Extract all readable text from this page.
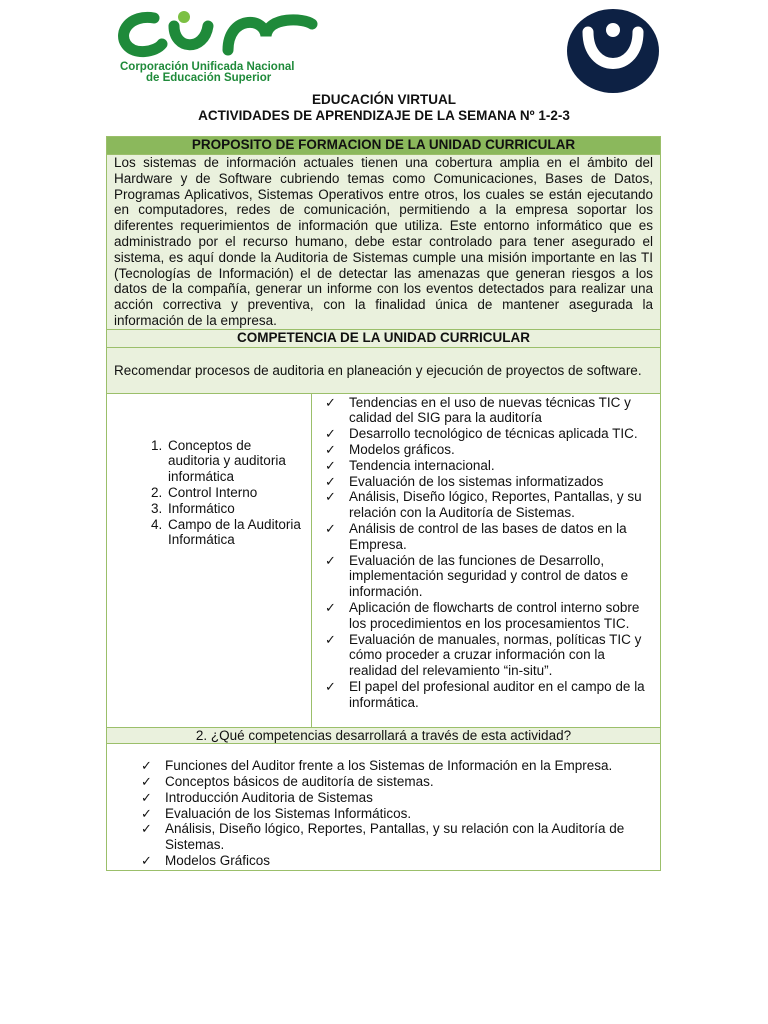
Corporación Unificada Nacional
de Educación Superior
EDUCACIÓN VIRTUAL
ACTIVIDADES DE APRENDIZAJE DE LA SEMANA Nº 1-2-3
PROPOSITO DE FORMACION DE LA UNIDAD CURRICULAR
Los sistemas de información actuales tienen una cobertura amplia en el ámbito del Hardware y de Software cubriendo temas como Comunicaciones, Bases de Datos, Programas Aplicativos, Sistemas Operativos entre otros, los cuales se están ejecutando en computadores, redes de comunicación, permitiendo a la empresa soportar los diferentes requerimientos de información que utiliza. Este entorno informático que es administrado por el recurso humano, debe estar controlado para tener asegurado el sistema, es aquí donde la Auditoria de Sistemas cumple una misión importante en las TI (Tecnologías de Información) el de detectar las amenazas que generan riesgos a los datos de la compañía, generar un informe con los eventos detectados para realizar una acción correctiva y preventiva, con la finalidad única de mantener asegurada la información de la empresa.
COMPETENCIA DE LA UNIDAD CURRICULAR
Recomendar procesos de auditoria en planeación y ejecución de proyectos de software.

1. Conceptos de auditoria y auditoria informática
2. Control Interno
3. Informático
4. Campo de la Auditoria Informática

✓ Tendencias en el uso de nuevas técnicas TIC y calidad del SIG para la auditoría
✓ Desarrollo tecnológico de técnicas aplicada TIC.
✓ Modelos gráficos.
✓ Tendencia internacional.
✓ Evaluación de los sistemas informatizados
✓ Análisis, Diseño lógico, Reportes, Pantallas, y su relación con la Auditoría de Sistemas.
✓ Análisis de control de las bases de datos en la Empresa.
✓ Evaluación de las funciones de Desarrollo, implementación seguridad y control de datos e información.
✓ Aplicación de flowcharts de control interno sobre los procedimientos en los procesamientos TIC.
✓ Evaluación de manuales, normas, políticas TIC y cómo proceder a cruzar información con la realidad del relevamiento “in-situ”.
✓ El papel del profesional auditor en el campo de la informática.

2. ¿Qué competencias desarrollará a través de esta actividad?

✓ Funciones del Auditor frente a los Sistemas de Información en la Empresa.
✓ Conceptos básicos de auditoría de sistemas.
✓ Introducción Auditoria de Sistemas
✓ Evaluación de los Sistemas Informáticos.
✓ Análisis, Diseño lógico, Reportes, Pantallas, y su relación con la Auditoría de Sistemas.
✓ Modelos Gráficos
